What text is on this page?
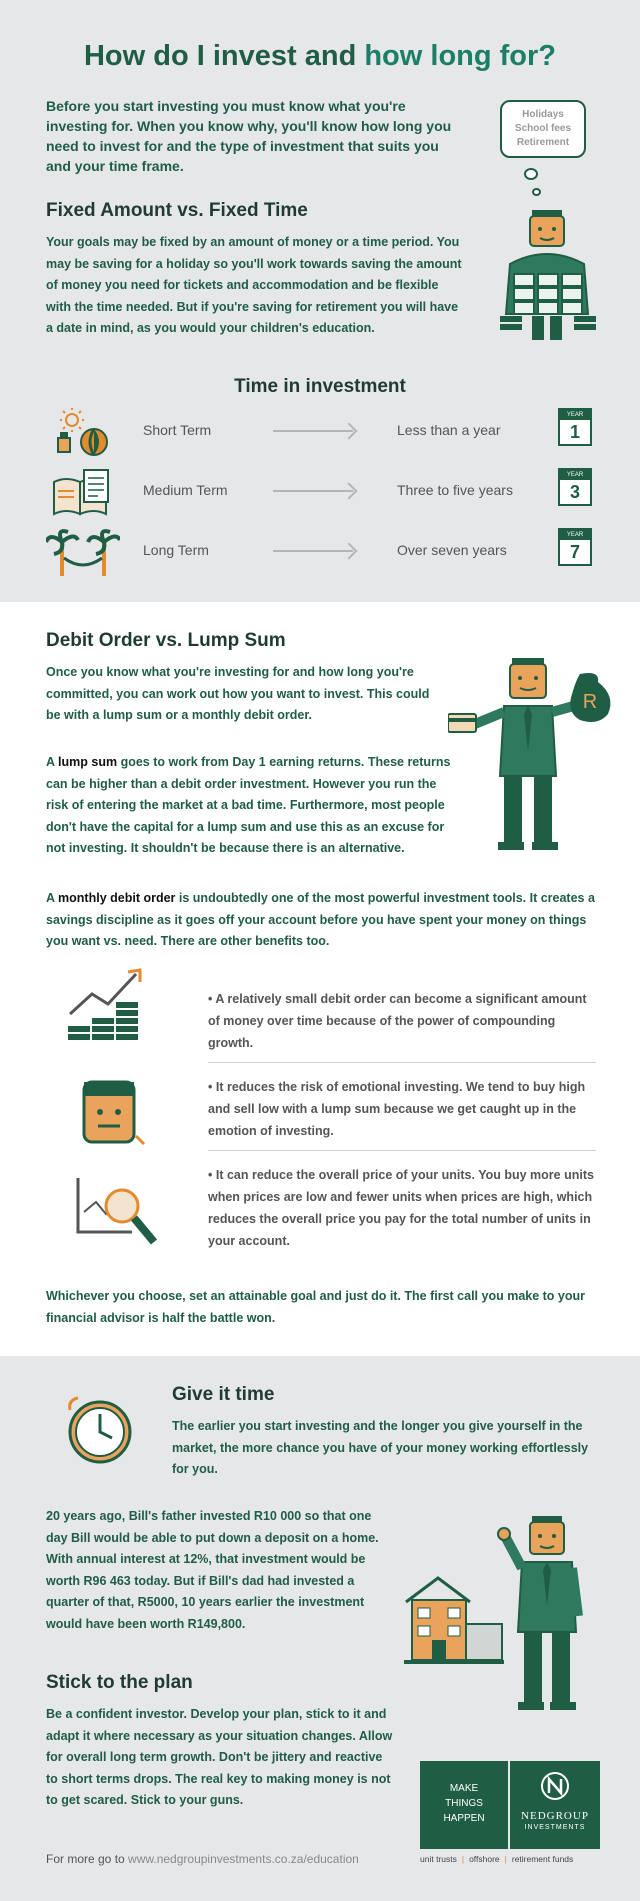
How do I invest and how long for?

Before you start investing you must know what you're investing for. When you know why, you'll know how long you need to invest for and the type of investment that suits you and your time frame.

Holidays
School fees
Retirement
Fixed Amount vs. Fixed Time

Your goals may be fixed by an amount of money or a time period. You may be saving for a holiday so you'll work towards saving the amount of money you need for tickets and accommodation and be flexible with the time needed. But if you're saving for retirement you will have a date in mind, as you would your children's education.

Time in investment
Short Term	Less than a year
YEAR
1
Medium Term	Three to five years
YEAR
3
Long Term	Over seven years
YEAR
7
Debit Order vs. Lump Sum

Once you know what you're investing for and how long you're committed, you can work out how you want to invest. This could be with a lump sum or a monthly debit order.

A lump sum goes to work from Day 1 earning returns. These returns can be higher than a debit order investment. However you run the risk of entering the market at a bad time. Furthermore, most people don't have the capital for a lump sum and use this as an excuse for not investing. It shouldn't be because there is an alternative.

A monthly debit order is undoubtedly one of the most powerful investment tools. It creates a savings discipline as it goes off your account before you have spent your money on things you want vs. need. There are other benefits too.

R

• A relatively small debit order can become a significant amount of money over time because of the power of compounding growth.

• It reduces the risk of emotional investing. We tend to buy high and sell low with a lump sum because we get caught up in the emotion of investing.

• It can reduce the overall price of your units. You buy more units when prices are low and fewer units when prices are high, which reduces the overall price you pay for the total number of units in your account.

Whichever you choose, set an attainable goal and just do it. The first call you make to your financial advisor is half the battle won.

Give it time

The earlier you start investing and the longer you give yourself in the market, the more chance you have of your money working effortlessly for you.

20 years ago, Bill's father invested R10 000 so that one day Bill would be able to put down a deposit on a home. With annual interest at 12%, that investment would be worth R96 463 today. But if Bill's dad had invested a quarter of that, R5000, 10 years earlier the investment would have been worth R149,800.

Stick to the plan

Be a confident investor. Develop your plan, stick to it and adapt it where necessary as your situation changes. Allow for overall long term growth. Don't be jittery and reactive to short terms drops. The real key to making money is not to get scared. Stick to your guns.

MAKE
THINGS
HAPPEN	NEDGROUP
INVESTMENTS
For more go to www.nedgroupinvestments.co.za/education	unit trusts | offshore | retirement funds
